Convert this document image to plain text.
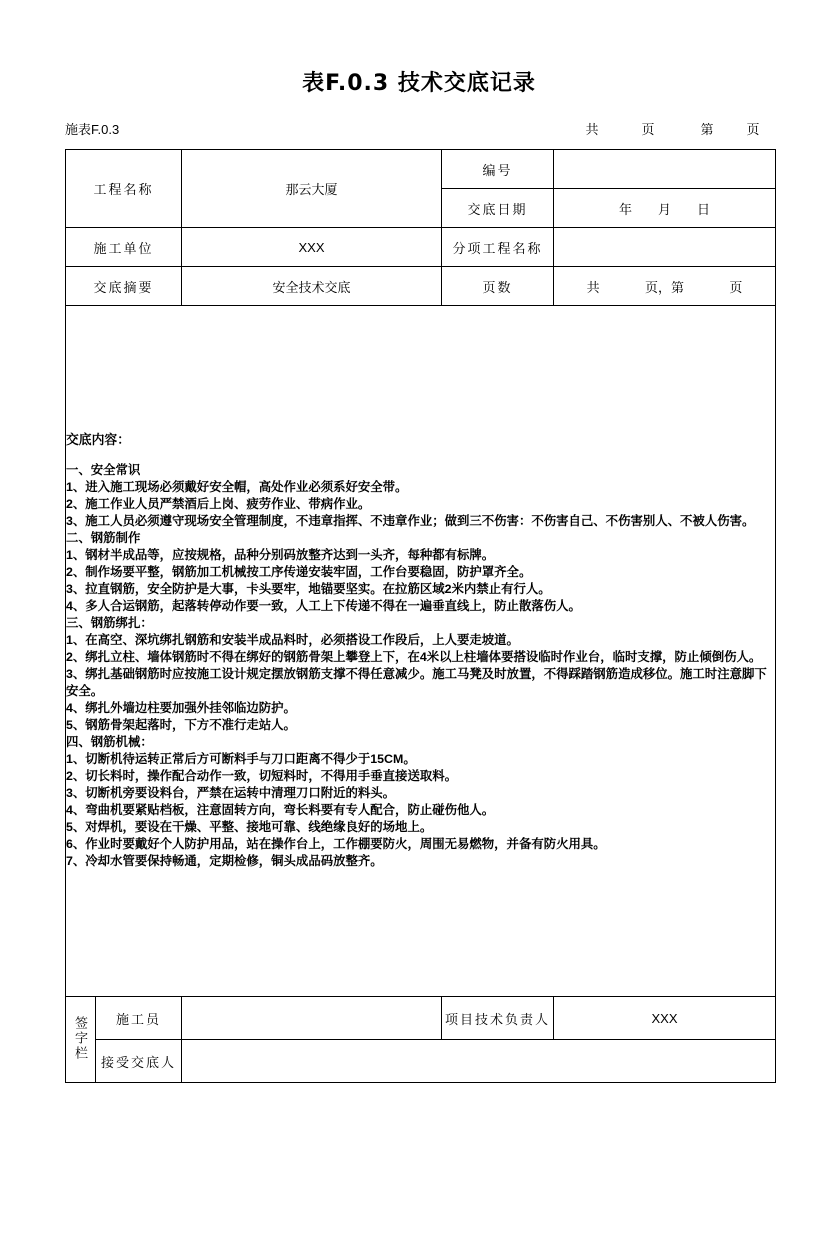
表F.0.3 技术交底记录
施表F.0.3	共	页	第	页
工程名称		那云大厦	编号	
			交底日期	年 月 日

施工单位		XXX	分项工程名称	
交底摘要		安全技术交底	页数	共 页，第 页

交底内容：

一、安全常识

1、进入施工现场必须戴好安全帽，高处作业必须系好安全带。

2、施工作业人员严禁酒后上岗、疲劳作业、带病作业。

3、施工人员必须遵守现场安全管理制度，不违章指挥、不违章作业；做到三不伤害：不伤害自己、不伤害别人、不被人伤害。

二、钢筋制作

1、钢材半成品等，应按规格，品种分别码放整齐达到一头齐，每种都有标牌。

2、制作场要平整，钢筋加工机械按工序传递安装牢固，工作台要稳固，防护罩齐全。

3、拉直钢筋，安全防护是大事，卡头要牢，地锚要坚实。在拉筋区域2米内禁止有行人。

4、多人合运钢筋，起落转停动作要一致，人工上下传递不得在一遍垂直线上，防止散落伤人。

三、钢筋绑扎：

1、在高空、深坑绑扎钢筋和安装半成品料时，必须搭设工作段后，上人要走坡道。

2、绑扎立柱、墙体钢筋时不得在绑好的钢筋骨架上攀登上下，在4米以上柱墙体要搭设临时作业台，临时支撑，防止倾倒伤人。

3、绑扎基础钢筋时应按施工设计规定摆放钢筋支撑不得任意减少。施工马凳及时放置，不得踩踏钢筋造成移位。施工时注意脚下安全。

4、绑扎外墙边柱要加强外挂邻临边防护。

5、钢筋骨架起落时，下方不准行走站人。

四、钢筋机械：

1、切断机待运转正常后方可断料手与刀口距离不得少于15CM。

2、切长料时，操作配合动作一致，切短料时，不得用手垂直接送取料。

3、切断机旁要设料台，严禁在运转中清理刀口附近的料头。

4、弯曲机要紧贴档板，注意固转方向，弯长料要有专人配合，防止碰伤他人。

5、对焊机，要设在干燥、平整、接地可靠、线绝缘良好的场地上。

6、作业时要戴好个人防护用品，站在操作台上，工作棚要防火，周围无易燃物，并备有防火用具。

7、冷却水管要保持畅通，定期检修，铜头成品码放整齐。

签字栏	施工员		项目技术负责人	XXX
	接受交底人			
